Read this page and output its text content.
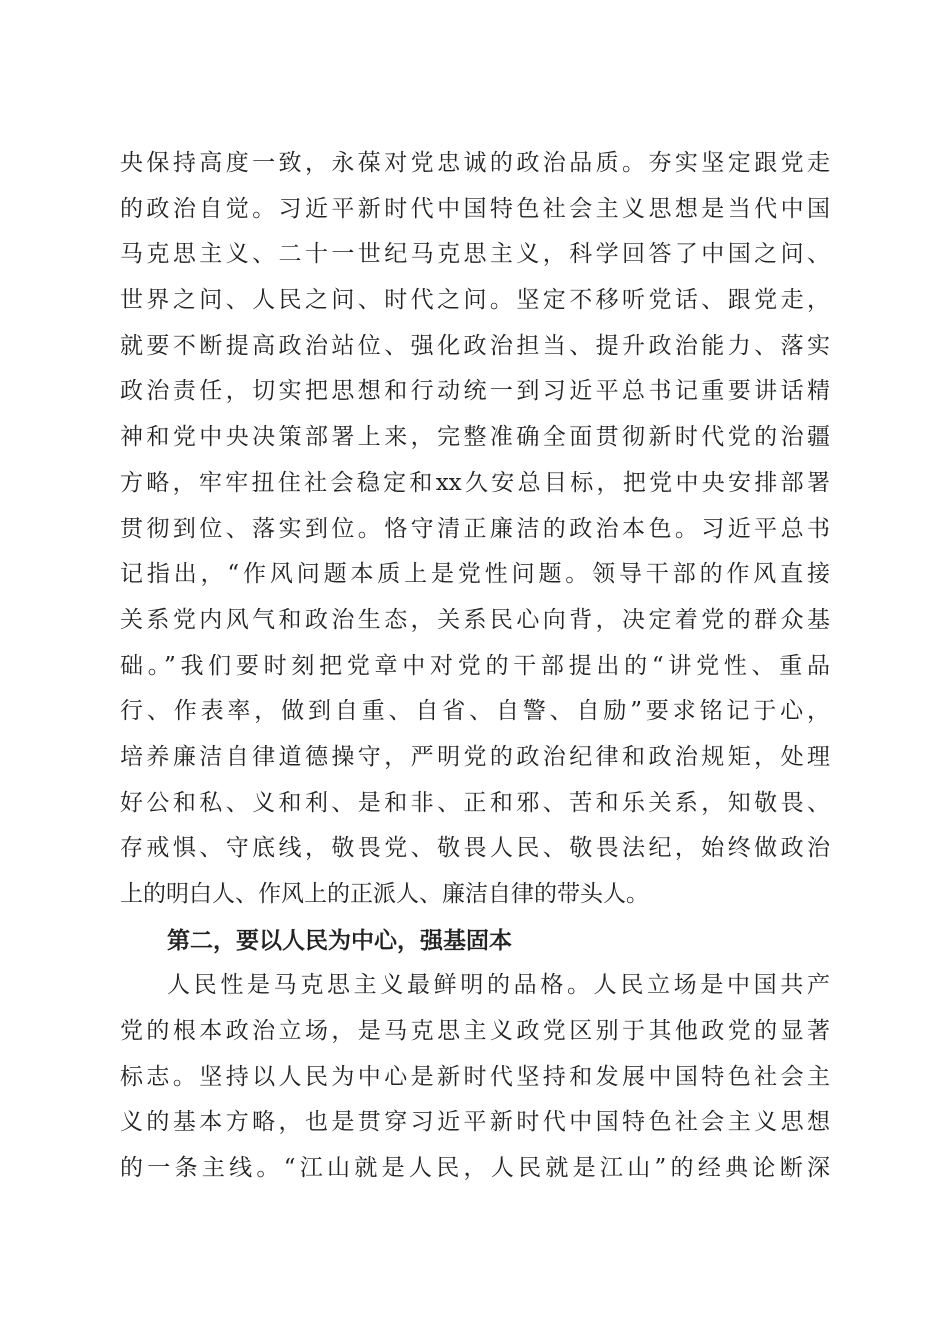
央保持高度一致，永葆对党忠诚的政治品质。夯实坚定跟党走
的政治自觉。习近平新时代中国特色社会主义思想是当代中国
马克思主义、二十一世纪马克思主义，科学回答了中国之问、
世界之问、人民之问、时代之问。坚定不移听党话、跟党走，
就要不断提高政治站位、强化政治担当、提升政治能力、落实
政治责任，切实把思想和行动统一到习近平总书记重要讲话精
神和党中央决策部署上来，完整准确全面贯彻新时代党的治疆
方略，牢牢扭住社会稳定和xx久安总目标，把党中央安排部署
贯彻到位、落实到位。恪守清正廉洁的政治本色。习近平总书
记指出，“作风问题本质上是党性问题。领导干部的作风直接
关系党内风气和政治生态，关系民心向背，决定着党的群众基
础。”我们要时刻把党章中对党的干部提出的“讲党性、重品
行、作表率，做到自重、自省、自警、自励”要求铭记于心，
培养廉洁自律道德操守，严明党的政治纪律和政治规矩，处理
好公和私、义和利、是和非、正和邪、苦和乐关系，知敬畏、
存戒惧、守底线，敬畏党、敬畏人民、敬畏法纪，始终做政治
上的明白人、作风上的正派人、廉洁自律的带头人。
第二，要以人民为中心，强基固本
人民性是马克思主义最鲜明的品格。人民立场是中国共产
党的根本政治立场，是马克思主义政党区别于其他政党的显著
标志。坚持以人民为中心是新时代坚持和发展中国特色社会主
义的基本方略，也是贯穿习近平新时代中国特色社会主义思想
的一条主线。“江山就是人民，人民就是江山”的经典论断深
